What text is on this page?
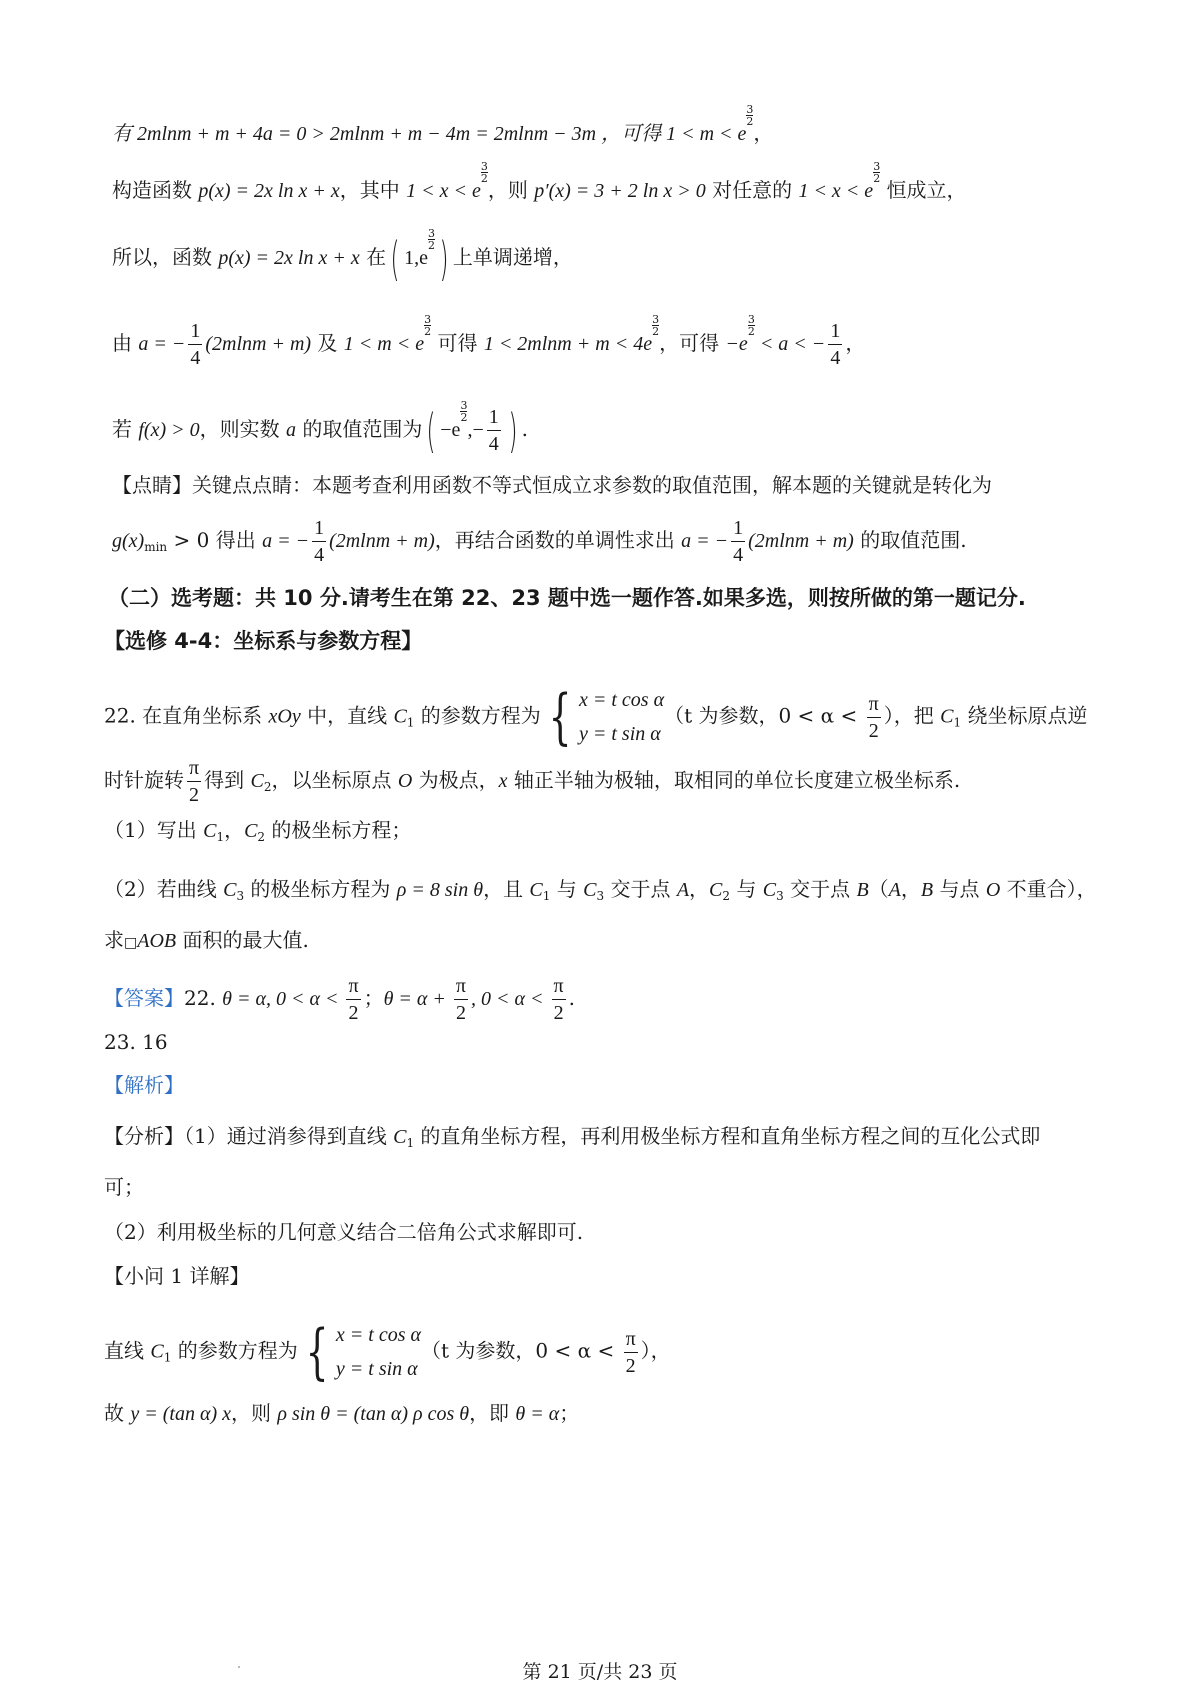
有 2mlnm + m + 4a = 0 > 2mlnm + m − 4m = 2mlnm − 3m ，可得 1 < m < e
$\frac{3}{2}$
，
构造函数 p(x) = 2x ln x + x，其中 1 < x < e
$\frac{3}{2}$
，则 p′(x) = 3 + 2 ln x > 0 对任意的 1 < x < e
$\frac{3}{2}$
恒成立，
所以，函数 p(x) = 2x ln x + x 在( 1,e
$\frac{3}{2}$ ) 上单调递增，
由 a = − $\frac{1}{4} (2mlnm + m)$ 及 1 < m < e
$\frac{3}{2}$
可得 1 < 2mlnm + m < 4e
$\frac{3}{2}$
，可得 −e
$\frac{3}{2}$
< a < − $\frac{1}{4}$ ，
若 f(x) > 0，则实数 a 的取值范围为( −e
$\frac{3}{2}$
,− $\frac{1}{4}$ ) .
【点睛】关键点点睛：本题考查利用函数不等式恒成立求参数的取值范围，解本题的关键就是转化为
$g(x)_{min} > 0$ 得出 a = − $\frac{1}{4} (2mlnm + m)$，再结合函数的单调性求出 a = − $\frac{1}{4} (2mlnm + m)$ 的取值范围.
（二）选考题：共 10 分.请考生在第 22、23 题中选一题作答.如果多选，则按所做的第一题记分.
【选修 4-4：坐标系与参数方程】
22. 在直角坐标系 xOy 中，直线 $C_1$ 的参数方程为 { x = t cos α
y = t sin α
（t 为参数，$0 < \alpha < \frac{\pi}{2}$ ），把 $C_1$ 绕坐标原点逆
时针旋转 $\frac{\pi}{2}$ 得到 $C_2$，以坐标原点 O 为极点，x 轴正半轴为极轴，取相同的单位长度建立极坐标系.
（1）写出 $C_1$，$C_2$ 的极坐标方程；
（2）若曲线 $C_3$ 的极坐标方程为 ρ = 8 sin θ，且 $C_1$ 与 $C_3$ 交于点 A，$C_2$ 与 $C_3$ 交于点 B（A，B 与点 O 不重合），
求□AOB 面积的最大值.
【答案】22. θ = α, $0 < \alpha < \frac{\pi}{2}$ ；$\theta = \alpha + \frac{\pi}{2}$ , $0 < \alpha < \frac{\pi}{2}$ .
23. 16
【解析】
【分析】（1）通过消参得到直线 $C_1$ 的直角坐标方程，再利用极坐标方程和直角坐标方程之间的互化公式即
可；
（2）利用极坐标的几何意义结合二倍角公式求解即可.
【小问 1 详解】
直线 $C_1$ 的参数方程为 { x = t cos α
y = t sin α
（t 为参数，$0 < \alpha < \frac{\pi}{2}$ ），
故 y = (tan α) x，则 ρ sin θ = (tan α) ρ cos θ，即 θ = α；
第 21 页/共 23 页
